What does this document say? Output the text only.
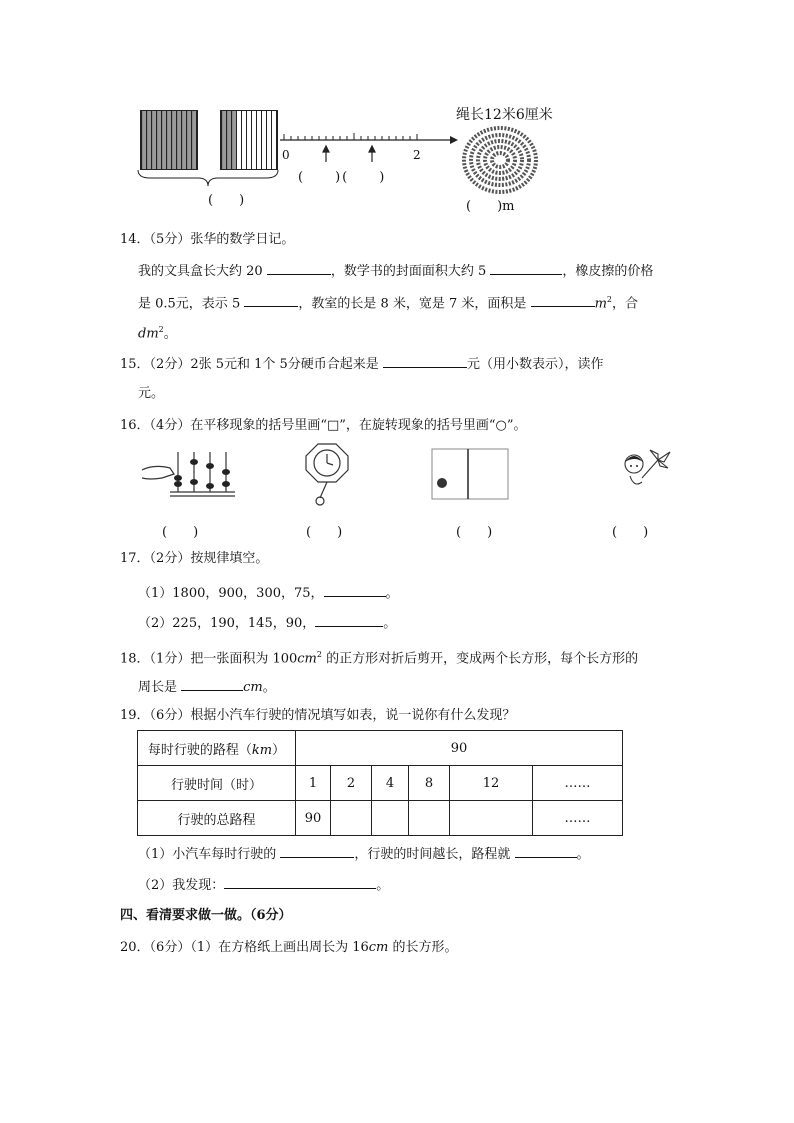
(　　)
0	2
(　　)(　　)
绳长12米6厘米
(　　)m
14．（5分）张华的数学日记。
我的文具盒长大约 20	，数学书的封面面积大约 5	，橡皮擦的价格
是 0.5元，表示 5	，教室的长是 8 米，宽是 7 米，面积是	$m^2$，合
$dm^2$。
15．（2分）2张 5元和 1个 5分硬币合起来是	元（用小数表示），读作
元。
16．（4分）在平移现象的括号里画“□”，在旋转现象的括号里画“○”。
(　　)	(　　)	(　　)	(　　)
17．（2分）按规律填空。
（1）1800，900，300，75，	。
（2）225，190，145，90，	。
18．（1分）把一张面积为 $100cm^2$ 的正方形对折后剪开，变成两个长方形，每个长方形的
周长是	cm。
19．（6分）根据小汽车行驶的情况填写如表，说一说你有什么发现？
每时行驶的路程（km）	90					
行驶时间（时）	1	2	4	8	12	……
行驶的总路程	90					……
（1）小汽车每时行驶的	，行驶的时间越长，路程就	。
（2）我发现：	。
四、看清要求做一做。（6分）
20．（6分）（1）在方格纸上画出周长为 16cm 的长方形。
